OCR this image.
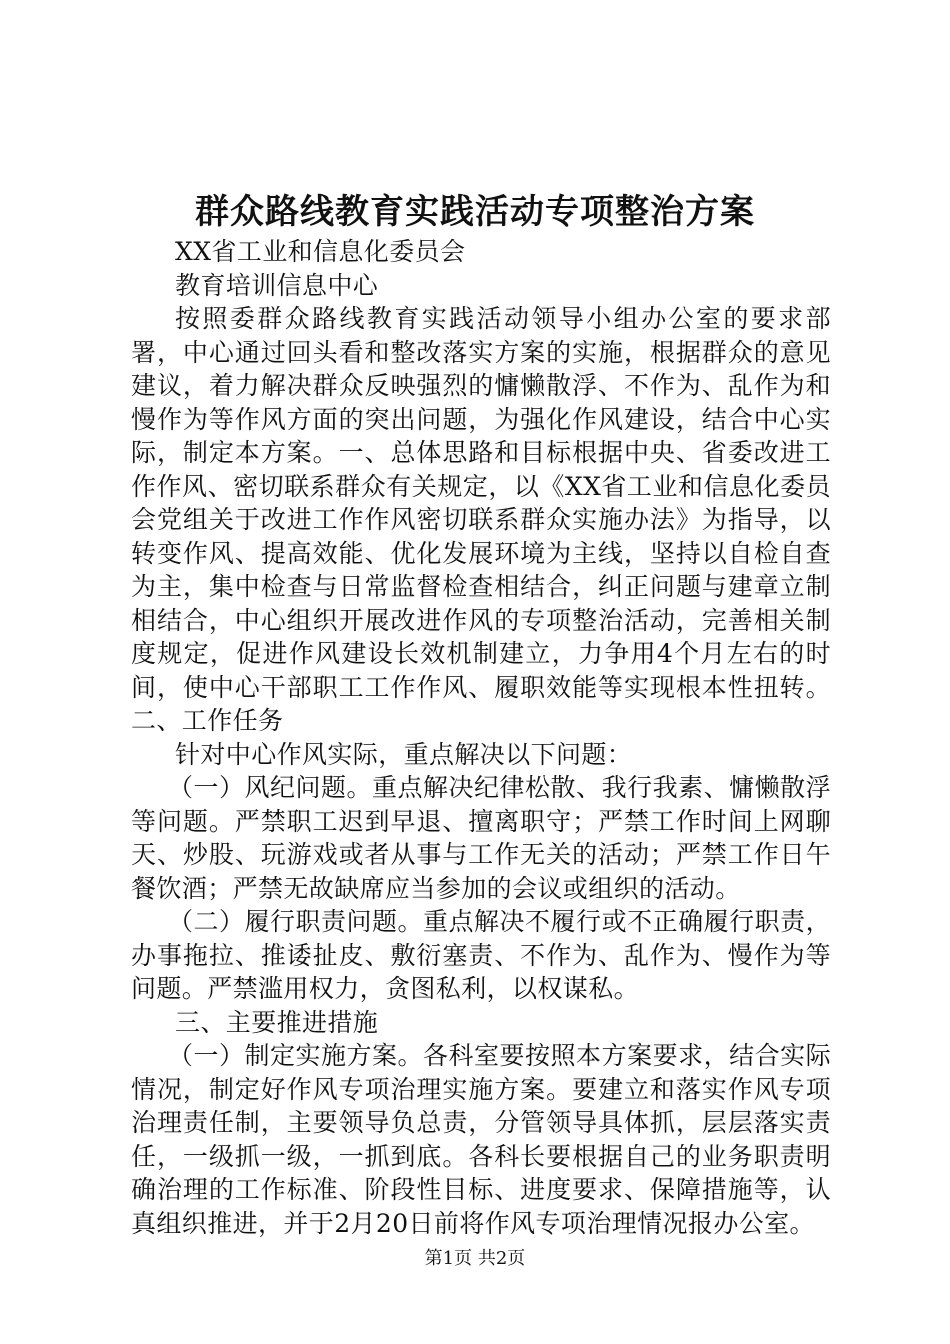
群众路线教育实践活动专项整治方案

XX省工业和信息化委员会

教育培训信息中心

按照委群众路线教育实践活动领导小组办公室的要求部署，中心通过回头看和整改落实方案的实施，根据群众的意见建议，着力解决群众反映强烈的慵懒散浮、不作为、乱作为和慢作为等作风方面的突出问题，为强化作风建设，结合中心实际，制定本方案。一、总体思路和目标根据中央、省委改进工作作风、密切联系群众有关规定，以《XX省工业和信息化委员会党组关于改进工作作风密切联系群众实施办法》为指导，以转变作风、提高效能、优化发展环境为主线，坚持以自检自查为主，集中检查与日常监督检查相结合，纠正问题与建章立制相结合，中心组织开展改进作风的专项整治活动，完善相关制度规定，促进作风建设长效机制建立，力争用4个月左右的时间，使中心干部职工工作作风、履职效能等实现根本性扭转。二、工作任务

针对中心作风实际，重点解决以下问题：

（一）风纪问题。重点解决纪律松散、我行我素、慵懒散浮等问题。严禁职工迟到早退、擅离职守；严禁工作时间上网聊天、炒股、玩游戏或者从事与工作无关的活动；严禁工作日午餐饮酒；严禁无故缺席应当参加的会议或组织的活动。

（二）履行职责问题。重点解决不履行或不正确履行职责，办事拖拉、推诿扯皮、敷衍塞责、不作为、乱作为、慢作为等问题。严禁滥用权力，贪图私利，以权谋私。

三、主要推进措施

（一）制定实施方案。各科室要按照本方案要求，结合实际情况，制定好作风专项治理实施方案。要建立和落实作风专项治理责任制，主要领导负总责，分管领导具体抓，层层落实责任，一级抓一级，一抓到底。各科长要根据自己的业务职责明确治理的工作标准、阶段性目标、进度要求、保障措施等，认真组织推进，并于2月20日前将作风专项治理情况报办公室。

第1页 共2页
